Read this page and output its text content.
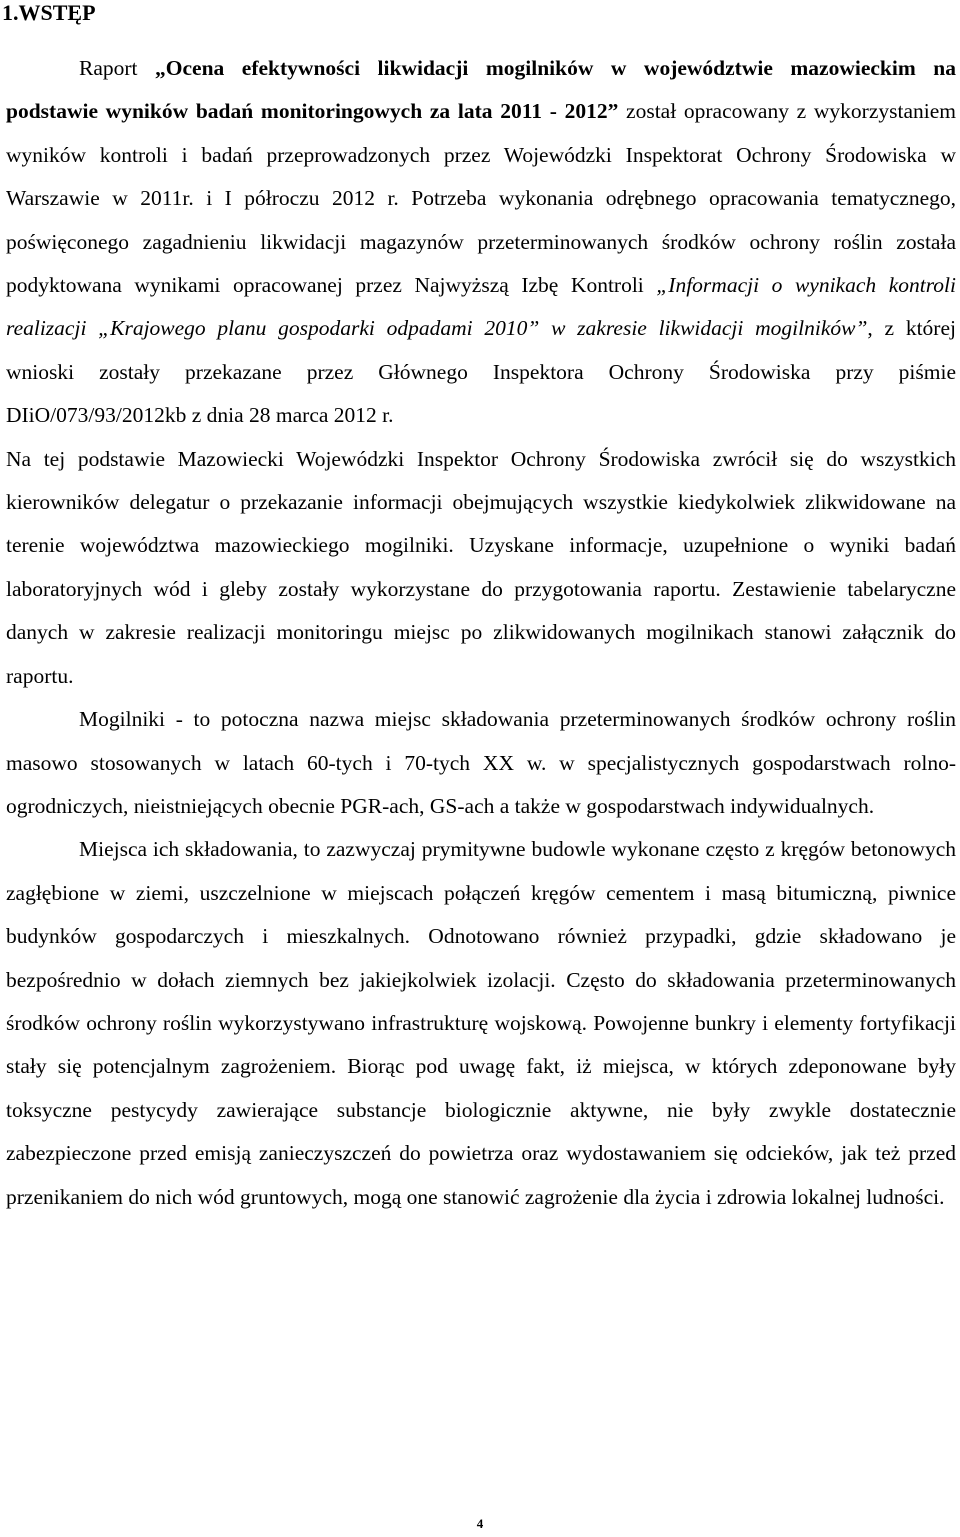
1.WSTĘP

Raport „Ocena efektywności likwidacji mogilników w województwie mazowieckim na podstawie wyników badań monitoringowych za lata 2011 - 2012” został opracowany z wykorzystaniem wyników kontroli i badań przeprowadzonych przez Wojewódzki Inspektorat Ochrony Środowiska w Warszawie w 2011r. i I półroczu 2012 r. Potrzeba wykonania odrębnego opracowania tematycznego, poświęconego zagadnieniu likwidacji magazynów przeterminowanych środków ochrony roślin została podyktowana wynikami opracowanej przez Najwyższą Izbę Kontroli „Informacji o wynikach kontroli realizacji „Krajowego planu gospodarki odpadami 2010” w zakresie likwidacji mogilników”, z której wnioski zostały przekazane przez Głównego Inspektora Ochrony Środowiska przy piśmie DIiO/073/93/2012kb z dnia 28 marca 2012 r.

Na tej podstawie Mazowiecki Wojewódzki Inspektor Ochrony Środowiska zwrócił się do wszystkich kierowników delegatur o przekazanie informacji obejmujących wszystkie kiedykolwiek zlikwidowane na terenie województwa mazowieckiego mogilniki. Uzyskane informacje, uzupełnione o wyniki badań laboratoryjnych wód i gleby zostały wykorzystane do przygotowania raportu. Zestawienie tabelaryczne danych w zakresie realizacji monitoringu miejsc po zlikwidowanych mogilnikach stanowi załącznik do raportu.

Mogilniki - to potoczna nazwa miejsc składowania przeterminowanych środków ochrony roślin masowo stosowanych w latach 60-tych i 70-tych XX w. w specjalistycznych gospodarstwach rolno-ogrodniczych, nieistniejących obecnie PGR-ach, GS-ach a także w gospodarstwach indywidualnych.

Miejsca ich składowania, to zazwyczaj prymitywne budowle wykonane często z kręgów betonowych zagłębione w ziemi, uszczelnione w miejscach połączeń kręgów cementem i masą bitumiczną, piwnice budynków gospodarczych i mieszkalnych. Odnotowano również przypadki, gdzie składowano je bezpośrednio w dołach ziemnych bez jakiejkolwiek izolacji. Często do składowania przeterminowanych środków ochrony roślin wykorzystywano infrastrukturę wojskową. Powojenne bunkry i elementy fortyfikacji stały się potencjalnym zagrożeniem. Biorąc pod uwagę fakt, iż miejsca, w których zdeponowane były toksyczne pestycydy zawierające substancje biologicznie aktywne, nie były zwykle dostatecznie zabezpieczone przed emisją zanieczyszczeń do powietrza oraz wydostawaniem się odcieków, jak też przed przenikaniem do nich wód gruntowych, mogą one stanowić zagrożenie dla życia i zdrowia lokalnej ludności.

4
